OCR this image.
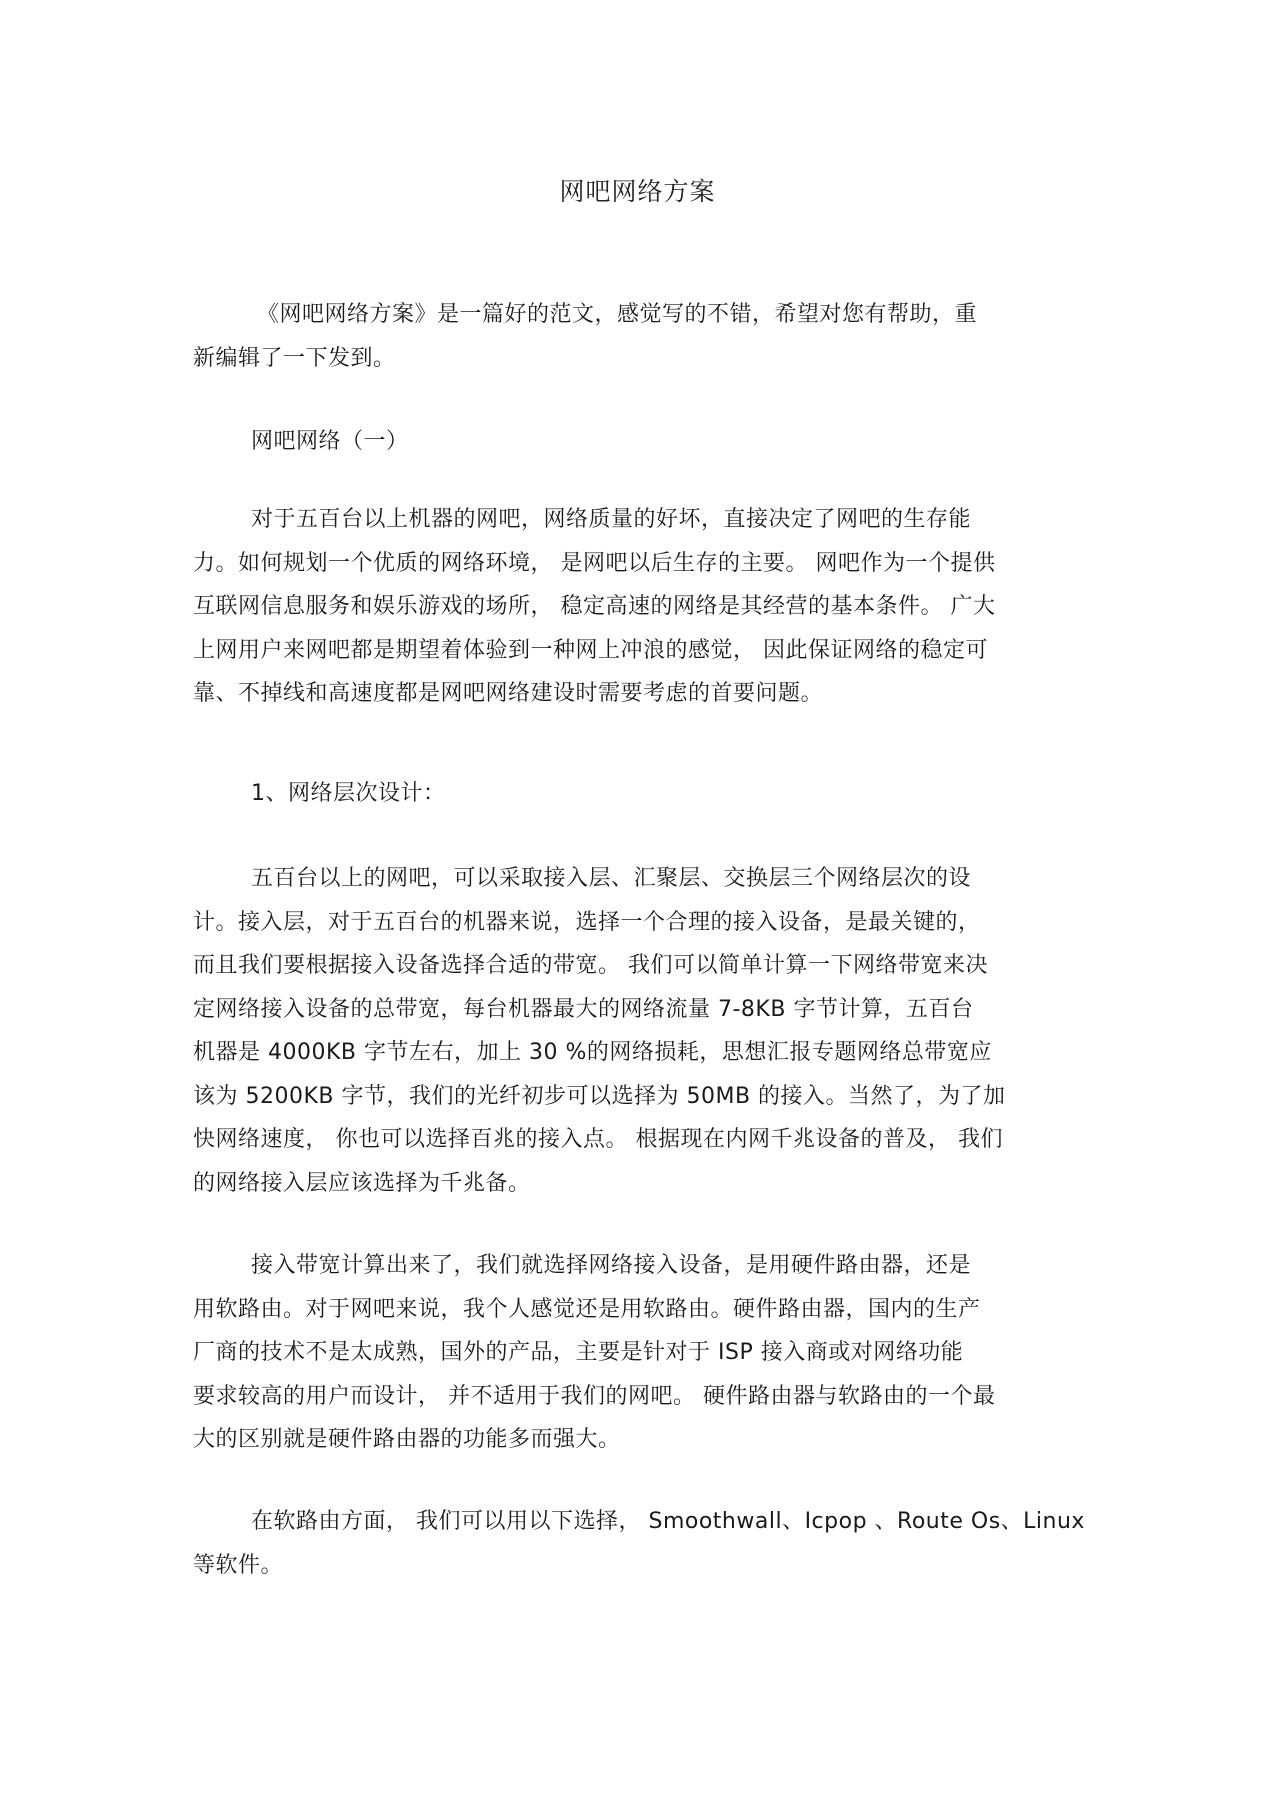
网吧网络方案
《网吧网络方案》是一篇好的范文，感觉写的不错，希望对您有帮助，重
新编辑了一下发到。
网吧网络（一）
对于五百台以上机器的网吧，网络质量的好坏，直接决定了网吧的生存能
力。如何规划一个优质的网络环境， 是网吧以后生存的主要。 网吧作为一个提供
互联网信息服务和娱乐游戏的场所， 稳定高速的网络是其经营的基本条件。 广大
上网用户来网吧都是期望着体验到一种网上冲浪的感觉， 因此保证网络的稳定可
靠、不掉线和高速度都是网吧网络建设时需要考虑的首要问题。
1、网络层次设计：
五百台以上的网吧，可以采取接入层、汇聚层、交换层三个网络层次的设
计。接入层，对于五百台的机器来说，选择一个合理的接入设备，是最关键的，
而且我们要根据接入设备选择合适的带宽。 我们可以简单计算一下网络带宽来决
定网络接入设备的总带宽，每台机器最大的网络流量 7-8KB 字节计算，五百台
机器是 4000KB 字节左右，加上 30 %的网络损耗，思想汇报专题网络总带宽应
该为 5200KB 字节，我们的光纤初步可以选择为 50MB 的接入。当然了，为了加
快网络速度， 你也可以选择百兆的接入点。 根据现在内网千兆设备的普及， 我们
的网络接入层应该选择为千兆备。
接入带宽计算出来了，我们就选择网络接入设备，是用硬件路由器，还是
用软路由。对于网吧来说，我个人感觉还是用软路由。硬件路由器，国内的生产
厂商的技术不是太成熟，国外的产品，主要是针对于 ISP 接入商或对网络功能
要求较高的用户而设计， 并不适用于我们的网吧。 硬件路由器与软路由的一个最
大的区别就是硬件路由器的功能多而强大。
在软路由方面， 我们可以用以下选择， Smoothwall、Icpop 、Route Os、Linux
等软件。
